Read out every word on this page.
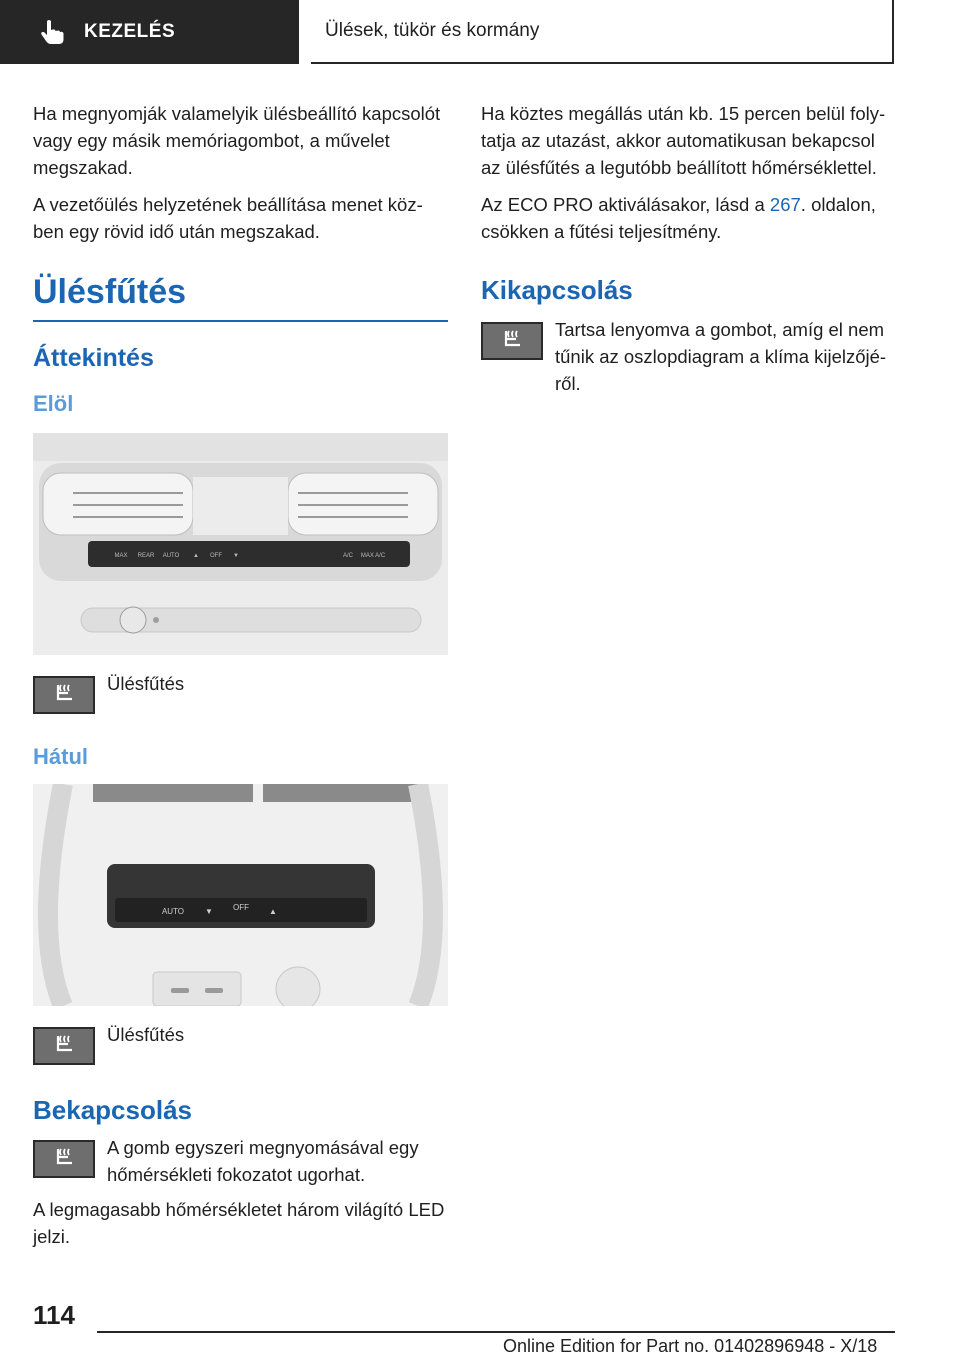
KEZELÉS	Ülések, tükör és kormány

Ha megnyomják valamelyik ülésbeállító kapcsolót vagy egy másik memóriagombot, a művelet megszakad.

A vezetőülés helyzetének beállítása menet köz-ben egy rövid idő után megszakad.

Ülésfűtés
Áttekintés
Elöl
MAX REAR AUTO ▲ OFF ▼	A/C MAX A/C
Ülésfűtés
Hátul
AUTO	▼	OFF	▲
Ülésfűtés
Bekapcsolás
A gomb egyszeri megnyomásával egy hőmérsékleti fokozatot ugorhat.

A legmagasabb hőmérsékletet három világító LED jelzi.

Ha köztes megállás után kb. 15 percen belül foly-tatja az utazást, akkor automatikusan bekapcsol az ülésfűtés a legutóbb beállított hőmérséklettel.

Az ECO PRO aktiválásakor, lásd a 267. oldalon, csökken a fűtési teljesítmény.

Kikapcsolás
Tartsa lenyomva a gombot, amíg el nem tűnik az oszlopdiagram a klíma kijelzőjé-ről.
114
Online Edition for Part no. 01402896948 - X/18
